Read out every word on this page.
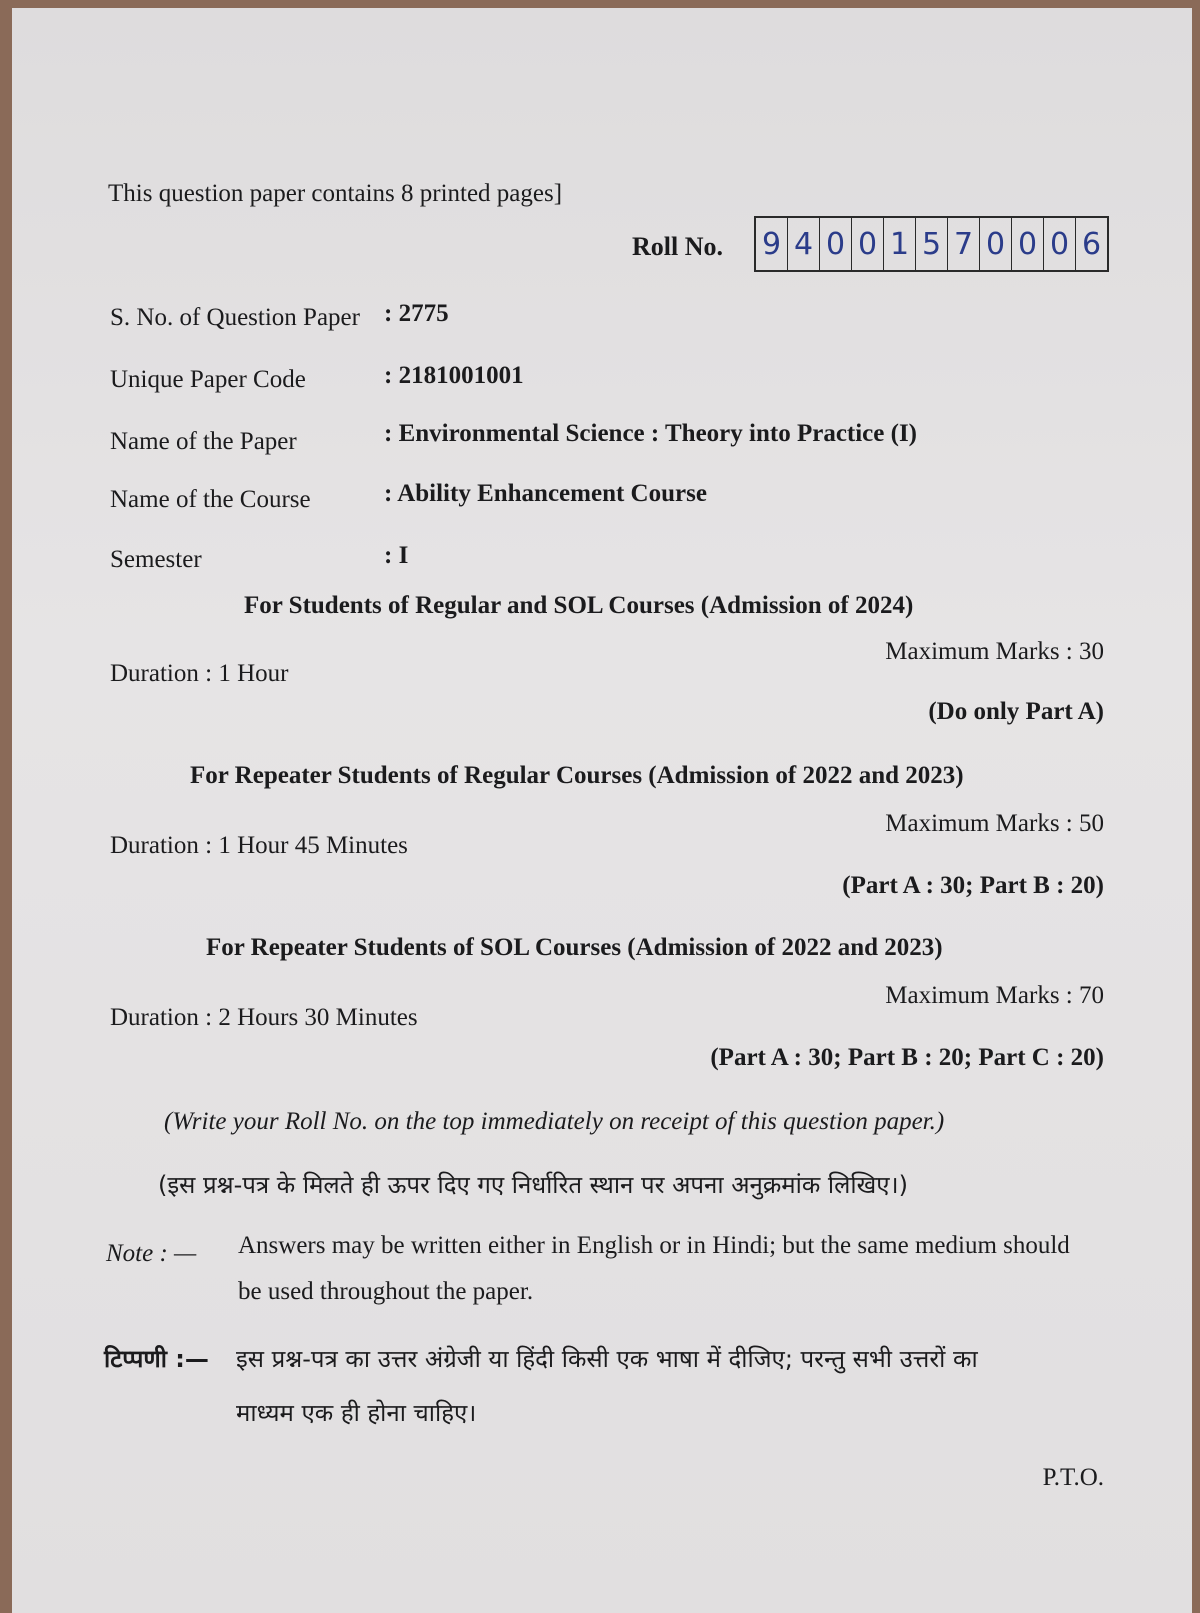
This question paper contains 8 printed pages]
Roll No. 9 4 0 0 1 5 7 0 0 0 6
S. No. of Question Paper : 2775
Unique Paper Code	: 2181001001
Name of the Paper	: Environmental Science : Theory into Practice (I)
Name of the Course	: Ability Enhancement Course
Semester	: I
For Students of Regular and SOL Courses (Admission of 2024)
Maximum Marks : 30
Duration : 1 Hour
(Do only Part A)
For Repeater Students of Regular Courses (Admission of 2022 and 2023)
Maximum Marks : 50
Duration : 1 Hour 45 Minutes
(Part A : 30; Part B : 20)
For Repeater Students of SOL Courses (Admission of 2022 and 2023)
Maximum Marks : 70
Duration : 2 Hours 30 Minutes
(Part A : 30; Part B : 20; Part C : 20)
(Write your Roll No. on the top immediately on receipt of this question paper.)
(इस प्रश्न-पत्र के मिलते ही ऊपर दिए गए निर्धारित स्थान पर अपना अनुक्रमांक लिखिए।)
Note : — Answers may be written either in English or in Hindi; but the same medium should
be used throughout the paper.
टिप्पणी :— इस प्रश्न-पत्र का उत्तर अंग्रेजी या हिंदी किसी एक भाषा में दीजिए; परन्तु सभी उत्तरों का
माध्यम एक ही होना चाहिए।
P.T.O.
